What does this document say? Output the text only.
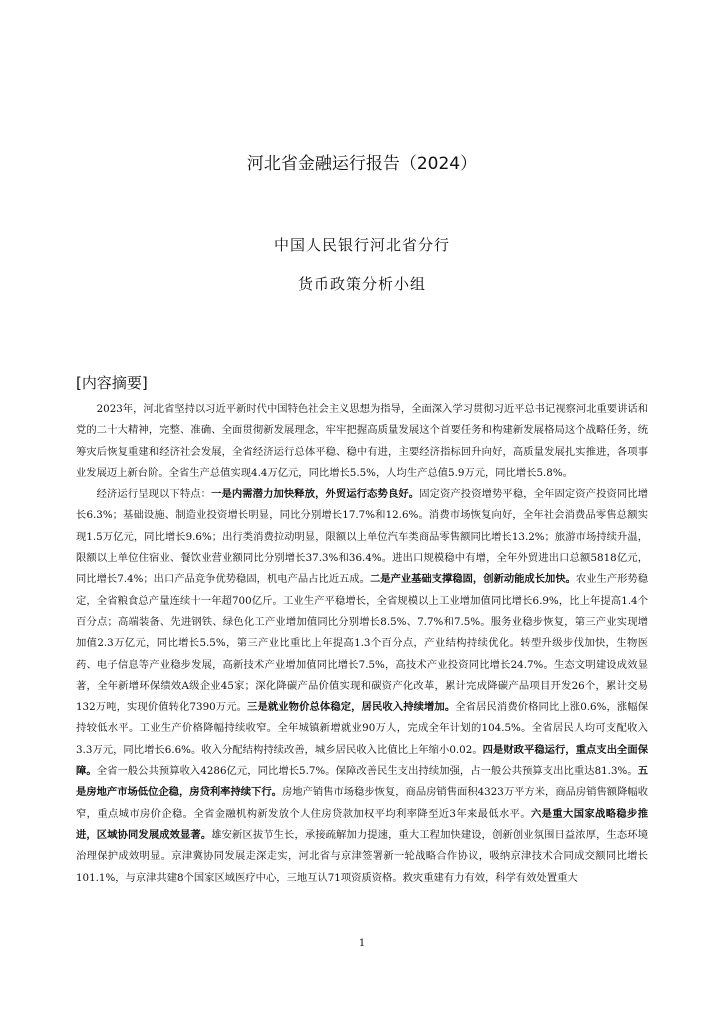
河北省金融运行报告（2024）
中国人民银行河北省分行
货币政策分析小组
[内容摘要]

2023年，河北省坚持以习近平新时代中国特色社会主义思想为指导，全面深入学习贯彻习近平总书记视察河北重要讲话和党的二十大精神，完整、准确、全面贯彻新发展理念，牢牢把握高质量发展这个首要任务和构建新发展格局这个战略任务，统筹灾后恢复重建和经济社会发展，全省经济运行总体平稳、稳中有进，主要经济指标回升向好，高质量发展扎实推进，各项事业发展迈上新台阶。全省生产总值实现4.4万亿元，同比增长5.5%，人均生产总值5.9万元，同比增长5.8%。

经济运行呈现以下特点：一是内需潜力加快释放，外贸运行态势良好。固定资产投资增势平稳，全年固定资产投资同比增长6.3%；基础设施、制造业投资增长明显，同比分别增长17.7%和12.6%。消费市场恢复向好，全年社会消费品零售总额实现1.5万亿元，同比增长9.6%；出行类消费拉动明显，限额以上单位汽车类商品零售额同比增长13.2%；旅游市场持续升温，限额以上单位住宿业、餐饮业营业额同比分别增长37.3%和36.4%。进出口规模稳中有增，全年外贸进出口总额5818亿元，同比增长7.4%；出口产品竞争优势稳固，机电产品占比近五成。二是产业基础支撑稳固，创新动能成长加快。农业生产形势稳定，全省粮食总产量连续十一年超700亿斤。工业生产平稳增长，全省规模以上工业增加值同比增长6.9%，比上年提高1.4个百分点；高端装备、先进钢铁、绿色化工产业增加值同比分别增长8.5%、7.7%和7.5%。服务业稳步恢复，第三产业实现增加值2.3万亿元，同比增长5.5%，第三产业比重比上年提高1.3个百分点，产业结构持续优化。转型升级步伐加快，生物医药、电子信息等产业稳步发展，高新技术产业增加值同比增长7.5%，高技术产业投资同比增长24.7%。生态文明建设成效显著，全年新增环保绩效A级企业45家；深化降碳产品价值实现和碳资产化改革，累计完成降碳产品项目开发26个，累计交易132万吨，实现价值转化7390万元。三是就业物价总体稳定，居民收入持续增加。全省居民消费价格同比上涨0.6%，涨幅保持较低水平。工业生产价格降幅持续收窄。全年城镇新增就业90万人，完成全年计划的104.5%。全省居民人均可支配收入3.3万元，同比增长6.6%。收入分配结构持续改善，城乡居民收入比值比上年缩小0.02。四是财政平稳运行，重点支出全面保障。全省一般公共预算收入4286亿元，同比增长5.7%。保障改善民生支出持续加强，占一般公共预算支出比重达81.3%。五是房地产市场低位企稳，房贷利率持续下行。房地产销售市场稳步恢复，商品房销售面积4323万平方米，商品房销售额降幅收窄，重点城市房价企稳。全省金融机构新发放个人住房贷款加权平均利率降至近3年来最低水平。六是重大国家战略稳步推进，区域协同发展成效显著。雄安新区拔节生长，承接疏解加力提速，重大工程加快建设，创新创业氛围日益浓厚，生态环境治理保护成效明显。京津冀协同发展走深走实，河北省与京津签署新一轮战略合作协议，吸纳京津技术合同成交额同比增长101.1%，与京津共建8个国家区域医疗中心，三地互认71项资质资格。救灾重建有力有效，科学有效处置重大

1
